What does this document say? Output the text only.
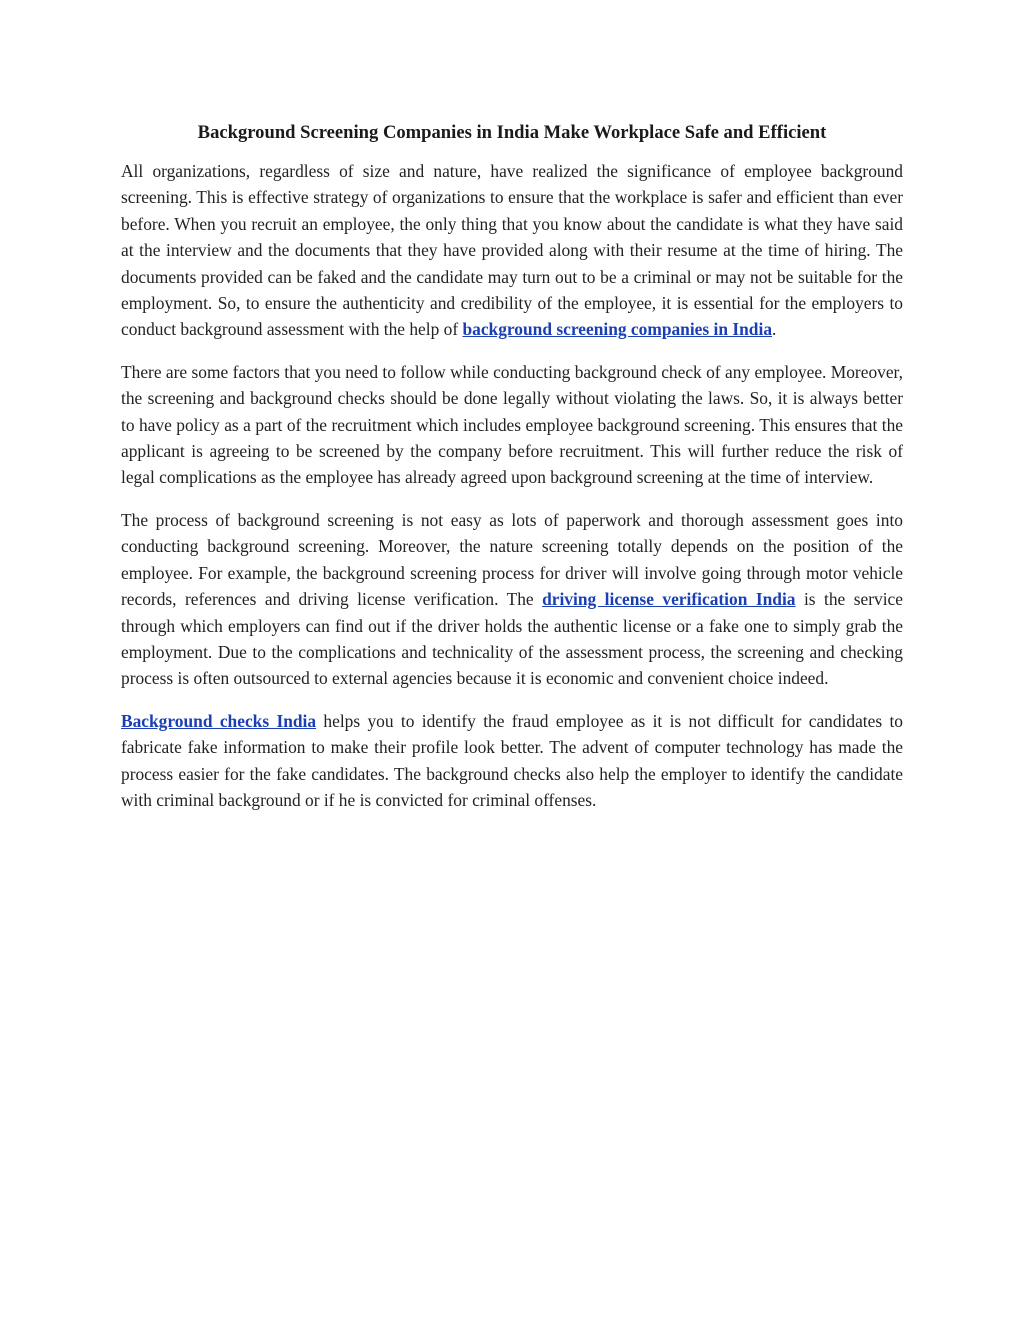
Background Screening Companies in India Make Workplace Safe and Efficient

All organizations, regardless of size and nature, have realized the significance of employee background screening. This is effective strategy of organizations to ensure that the workplace is safer and efficient than ever before. When you recruit an employee, the only thing that you know about the candidate is what they have said at the interview and the documents that they have provided along with their resume at the time of hiring. The documents provided can be faked and the candidate may turn out to be a criminal or may not be suitable for the employment. So, to ensure the authenticity and credibility of the employee, it is essential for the employers to conduct background assessment with the help of background screening companies in India.

There are some factors that you need to follow while conducting background check of any employee. Moreover, the screening and background checks should be done legally without violating the laws. So, it is always better to have policy as a part of the recruitment which includes employee background screening. This ensures that the applicant is agreeing to be screened by the company before recruitment. This will further reduce the risk of legal complications as the employee has already agreed upon background screening at the time of interview.

The process of background screening is not easy as lots of paperwork and thorough assessment goes into conducting background screening. Moreover, the nature screening totally depends on the position of the employee. For example, the background screening process for driver will involve going through motor vehicle records, references and driving license verification. The driving license verification India is the service through which employers can find out if the driver holds the authentic license or a fake one to simply grab the employment. Due to the complications and technicality of the assessment process, the screening and checking process is often outsourced to external agencies because it is economic and convenient choice indeed.

Background checks India helps you to identify the fraud employee as it is not difficult for candidates to fabricate fake information to make their profile look better. The advent of computer technology has made the process easier for the fake candidates. The background checks also help the employer to identify the candidate with criminal background or if he is convicted for criminal offenses.
